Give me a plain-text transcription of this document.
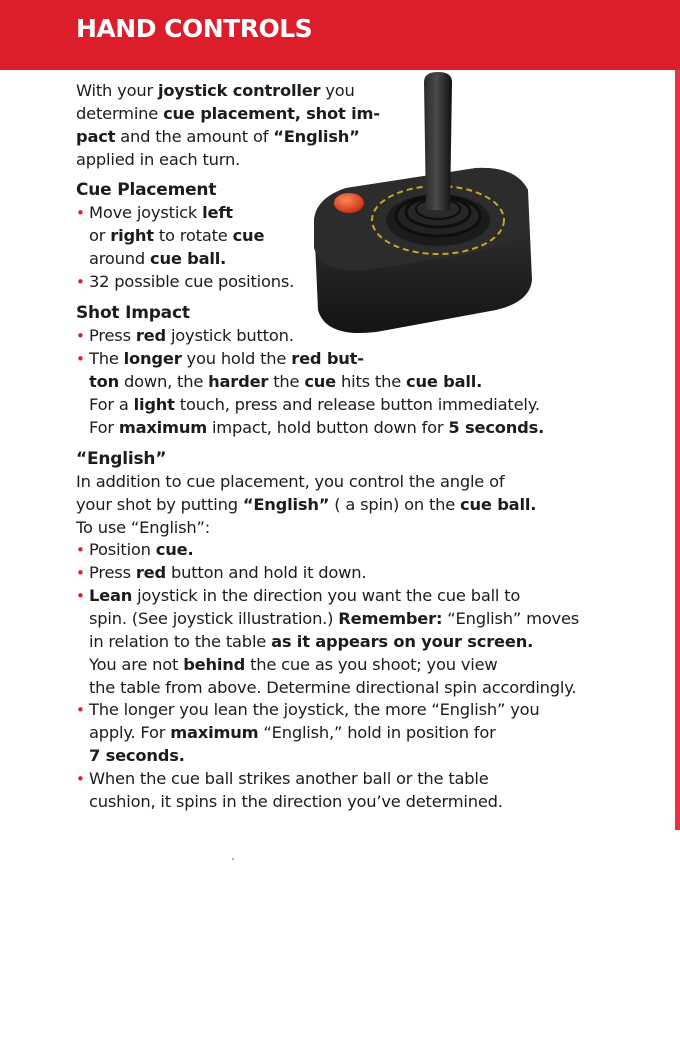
HAND CONTROLS
With your joystick controller you
determine cue placement, shot im-
pact and the amount of “English”
applied in each turn.
Cue Placement
• Move joystick left
or right to rotate cue
around cue ball.
• 32 possible cue positions.
Shot Impact
• Press red joystick button.
• The longer you hold the red but-
ton down, the harder the cue hits the cue ball.
For a light touch, press and release button immediately.
For maximum impact, hold button down for 5 seconds.
“English”
In addition to cue placement, you control the angle of
your shot by putting “English” ( a spin) on the cue ball.
To use “English”:
• Position cue.
• Press red button and hold it down.
• Lean joystick in the direction you want the cue ball to
spin. (See joystick illustration.) Remember: “English” moves
in relation to the table as it appears on your screen.
You are not behind the cue as you shoot; you view
the table from above. Determine directional spin accordingly.
• The longer you lean the joystick, the more “English” you
apply. For maximum “English,” hold in position for
7 seconds.
• When the cue ball strikes another ball or the table
cushion, it spins in the direction you’ve determined.
